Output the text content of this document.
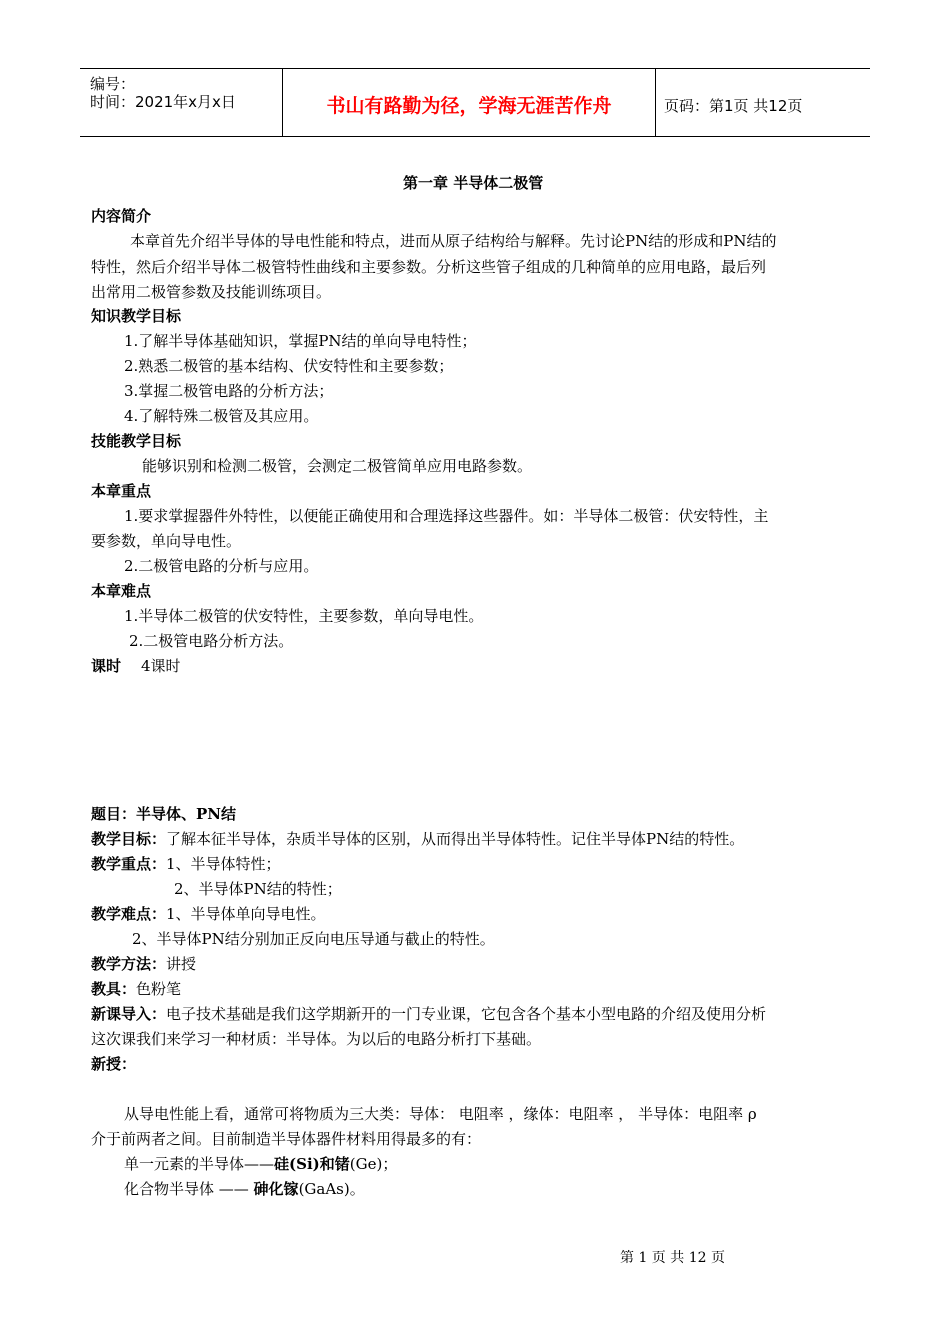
编号：
时间：2021年x月x日	书山有路勤为径，学海无涯苦作舟	页码：第1页 共12页
第一章 半导体二极管
内容简介
本章首先介绍半导体的导电性能和特点，进而从原子结构给与解释。先讨论PN结的形成和PN结的
特性，然后介绍半导体二极管特性曲线和主要参数。分析这些管子组成的几种简单的应用电路，最后列
出常用二极管参数及技能训练项目。
知识教学目标
1.了解半导体基础知识，掌握PN结的单向导电特性；
2.熟悉二极管的基本结构、伏安特性和主要参数；
3.掌握二极管电路的分析方法；
4.了解特殊二极管及其应用。
技能教学目标
能够识别和检测二极管，会测定二极管简单应用电路参数。
本章重点
1.要求掌握器件外特性，以便能正确使用和合理选择这些器件。如：半导体二极管：伏安特性，主
要参数，单向导电性。
2.二极管电路的分析与应用。
本章难点
1.半导体二极管的伏安特性，主要参数，单向导电性。
2.二极管电路分析方法。
课时 4课时
题目：半导体、PN结
教学目标：了解本征半导体，杂质半导体的区别，从而得出半导体特性。记住半导体PN结的特性。
教学重点：1、半导体特性；
2、半导体PN结的特性；
教学难点：1、半导体单向导电性。
2、半导体PN结分别加正反向电压导通与截止的特性。
教学方法：讲授
教具：色粉笔
新课导入：电子技术基础是我们这学期新开的一门专业课，它包含各个基本小型电路的介绍及使用分析
这次课我们来学习一种材质：半导体。为以后的电路分析打下基础。
新授：
从导电性能上看，通常可将物质为三大类：导体： 电阻率 ，缘体：电阻率 ， 半导体：电阻率 ρ
介于前两者之间。目前制造半导体器件材料用得最多的有：
单一元素的半导体——硅(Si)和锗(Ge)；
化合物半导体 —— 砷化镓(GaAs)。
第 1 页 共 12 页
